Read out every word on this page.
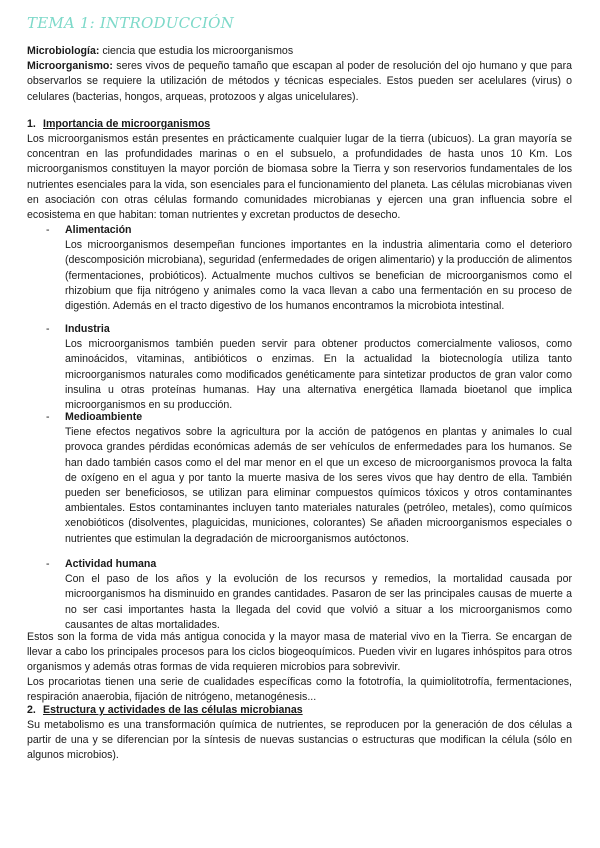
TEMA 1: INTRODUCCIÓN

Microbiología: ciencia que estudia los microorganismos

Microorganismo: seres vivos de pequeño tamaño que escapan al poder de resolución del ojo humano y que para observarlos se requiere la utilización de métodos y técnicas especiales. Estos pueden ser acelulares (virus) o celulares (bacterias, hongos, arqueas, protozoos y algas unicelulares).

1. Importancia de microorganismos

Los microorganismos están presentes en prácticamente cualquier lugar de la tierra (ubicuos). La gran mayoría se concentran en las profundidades marinas o en el subsuelo, a profundidades de hasta unos 10 Km. Los microorganismos constituyen la mayor porción de biomasa sobre la Tierra y son reservorios fundamentales de los nutrientes esenciales para la vida, son esenciales para el funcionamiento del planeta. Las células microbianas viven en asociación con otras células formando comunidades microbianas y ejercen una gran influencia sobre el ecosistema en que habitan: toman nutrientes y excretan productos de desecho.

- Alimentación

Los microorganismos desempeñan funciones importantes en la industria alimentaria como el deterioro (descomposición microbiana), seguridad (enfermedades de origen alimentario) y la producción de alimentos (fermentaciones, probióticos). Actualmente muchos cultivos se benefician de microorganismos como el rhizobium que fija nitrógeno y animales como la vaca llevan a cabo una fermentación en su proceso de digestión. Además en el tracto digestivo de los humanos encontramos la microbiota intestinal.

- Industria

Los microorganismos también pueden servir para obtener productos comercialmente valiosos, como aminoácidos, vitaminas, antibióticos o enzimas. En la actualidad la biotecnología utiliza tanto microorganismos naturales como modificados genéticamente para sintetizar productos de gran valor como insulina u otras proteínas humanas. Hay una alternativa energética llamada bioetanol que implica microorganismos en su producción.

- Medioambiente

Tiene efectos negativos sobre la agricultura por la acción de patógenos en plantas y animales lo cual provoca grandes pérdidas económicas además de ser vehículos de enfermedades para los humanos. Se han dado también casos como el del mar menor en el que un exceso de microorganismos provoca la falta de oxígeno en el agua y por tanto la muerte masiva de los seres vivos que hay dentro de ella. También pueden ser beneficiosos, se utilizan para eliminar compuestos químicos tóxicos y otros contaminantes ambientales. Estos contaminantes incluyen tanto materiales naturales (petróleo, metales), como químicos xenobióticos (disolventes, plaguicidas, municiones, colorantes) Se añaden microorganismos especiales o nutrientes que estimulan la degradación de microorganismos autóctonos.

- Actividad humana

Con el paso de los años y la evolución de los recursos y remedios, la mortalidad causada por microorganismos ha disminuido en grandes cantidades. Pasaron de ser las principales causas de muerte a no ser casi importantes hasta la llegada del covid que volvió a situar a los microorganismos como causantes de altas mortalidades.

Estos son la forma de vida más antigua conocida y la mayor masa de material vivo en la Tierra. Se encargan de llevar a cabo los principales procesos para los ciclos biogeoquímicos. Pueden vivir en lugares inhóspitos para otros organismos y además otras formas de vida requieren microbios para sobrevivir.

Los procariotas tienen una serie de cualidades específicas como la fototrofía, la quimiolitotrofía, fermentaciones, respiración anaerobia, fijación de nitrógeno, metanogénesis...

2. Estructura y actividades de las células microbianas

Su metabolismo es una transformación química de nutrientes, se reproducen por la generación de dos células a partir de una y se diferencian por la síntesis de nuevas sustancias o estructuras que modifican la célula (sólo en algunos microbios).
